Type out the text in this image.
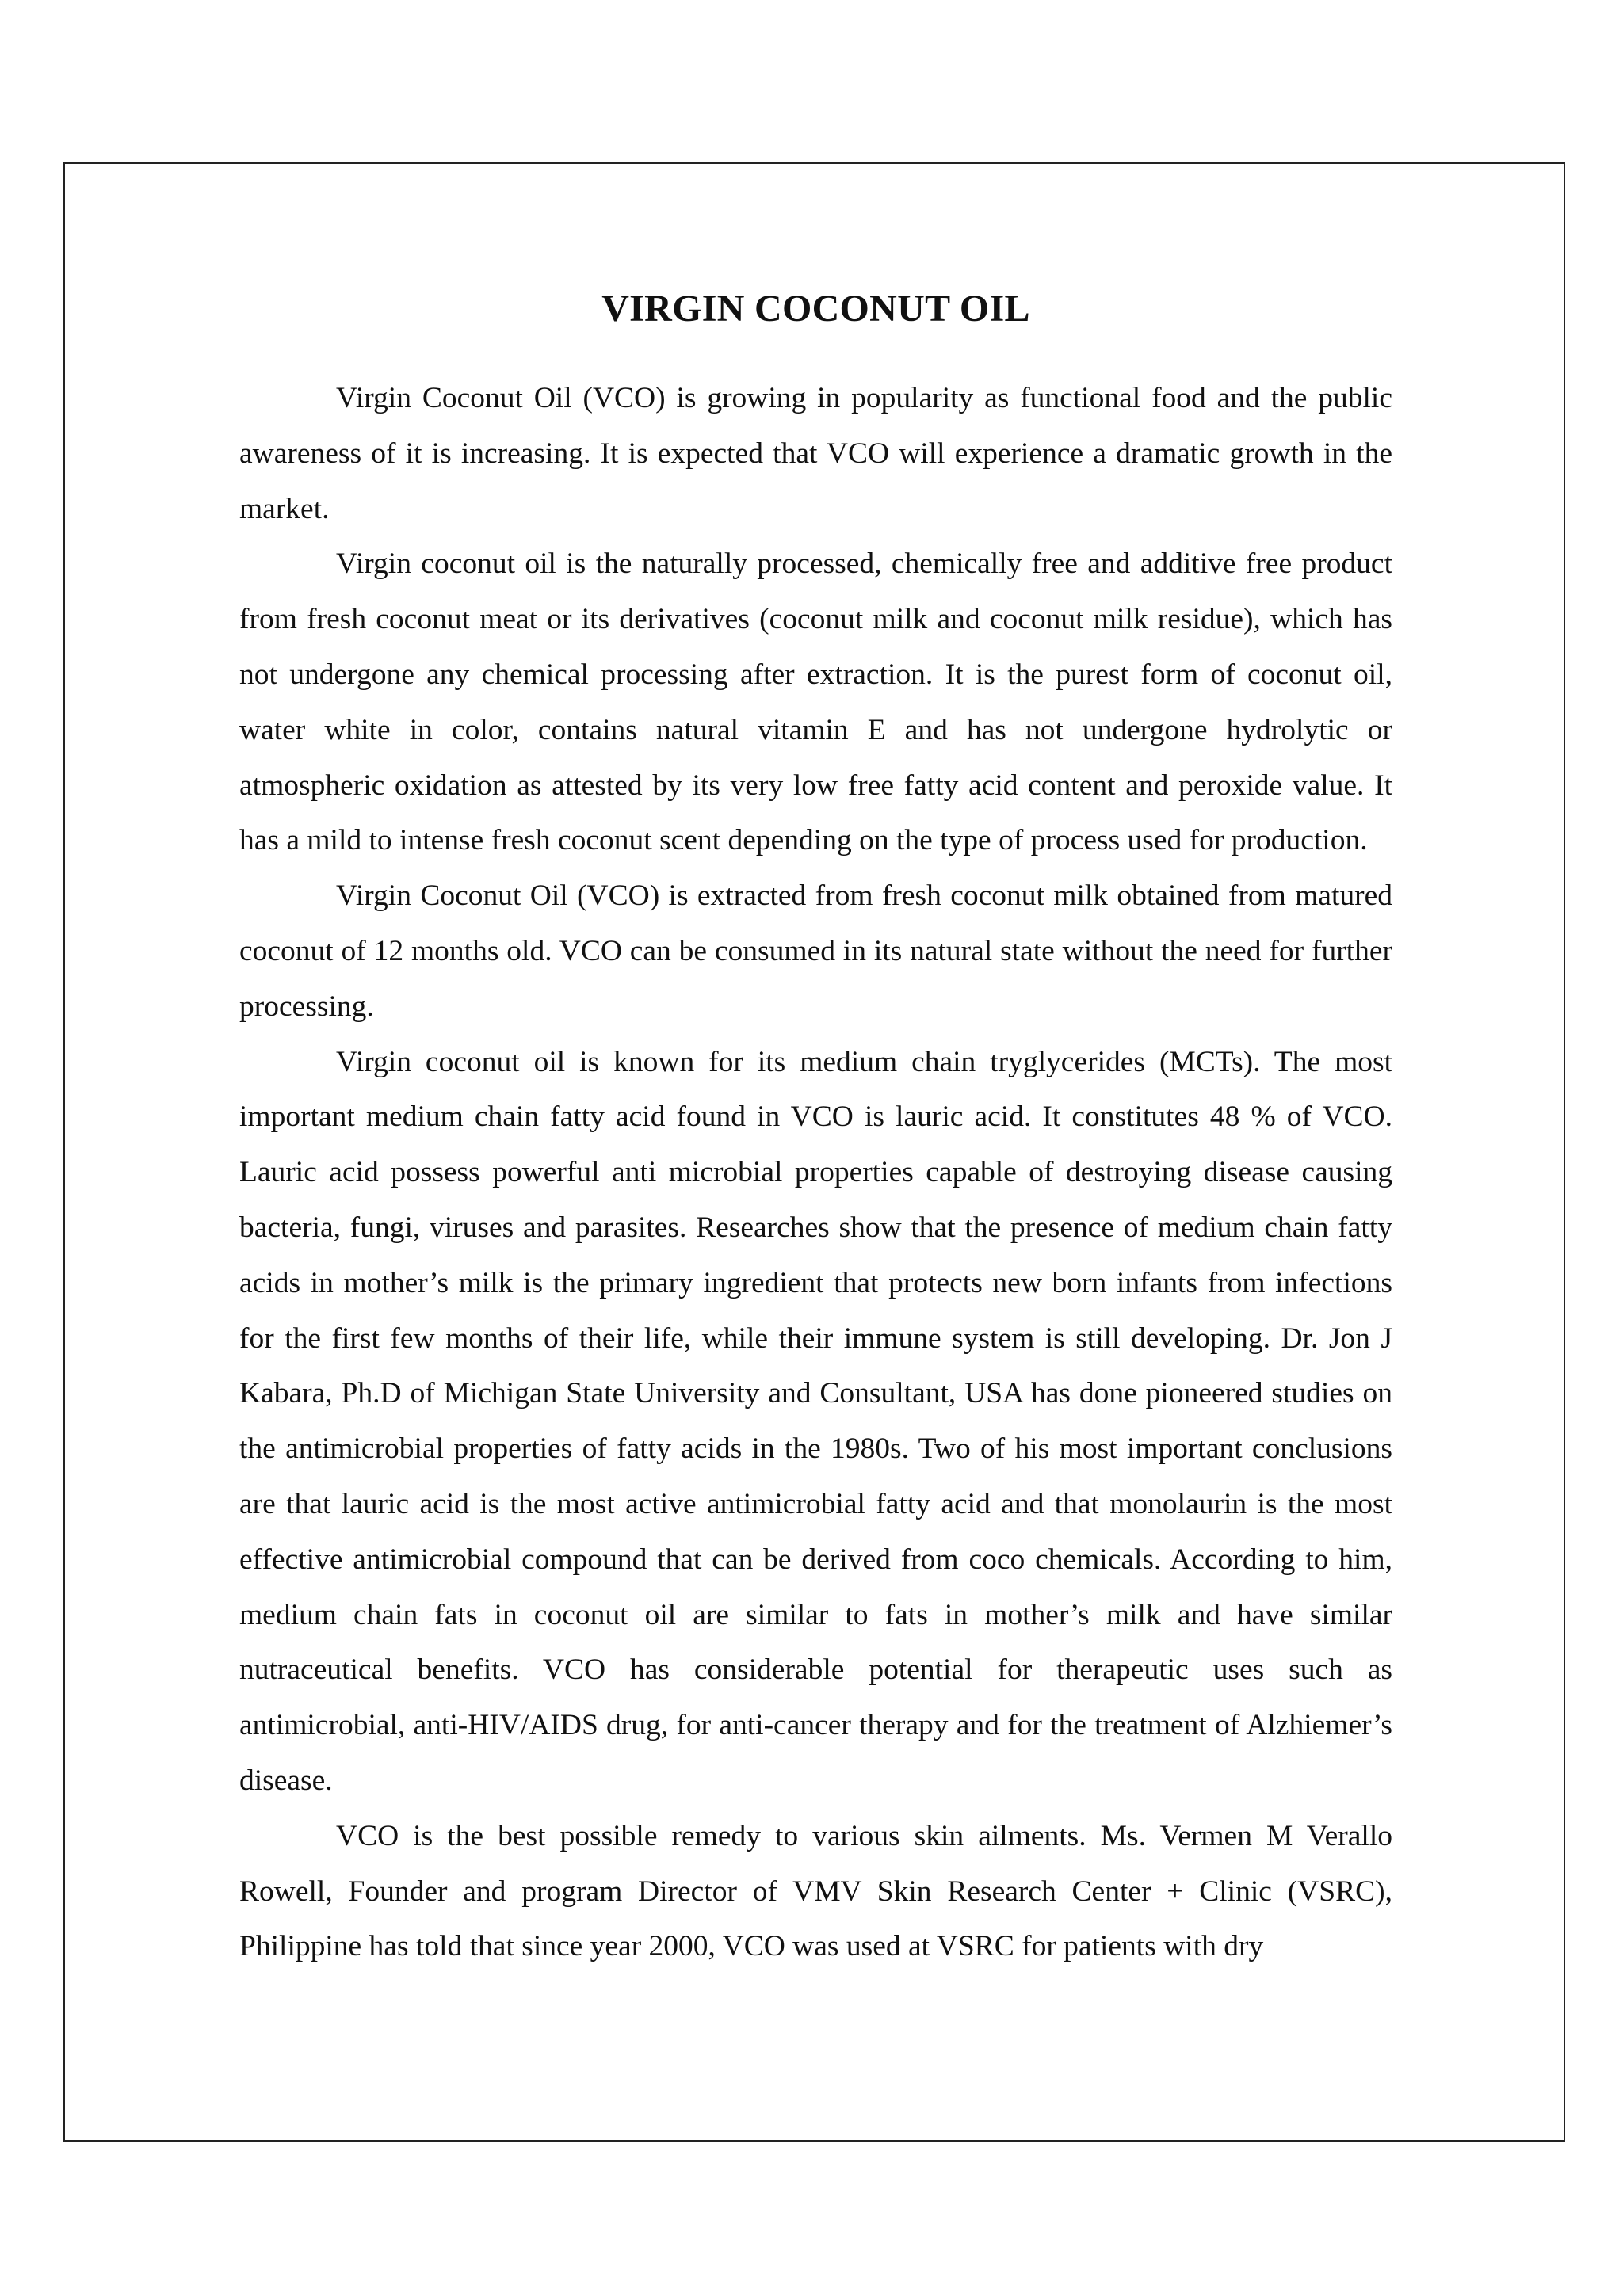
VIRGIN COCONUT OIL

Virgin Coconut Oil (VCO) is growing in popularity as functional food and the public awareness of it is increasing. It is expected that VCO will experience a dramatic growth in the market.

Virgin coconut oil is the naturally processed, chemically free and additive free product from fresh coconut meat or its derivatives (coconut milk and coconut milk residue), which has not undergone any chemical processing after extraction. It is the purest form of coconut oil, water white in color, contains natural vitamin E and has not undergone hydrolytic or atmospheric oxidation as attested by its very low free fatty acid content and peroxide value. It has a mild to intense fresh coconut scent depending on the type of process used for production.

Virgin Coconut Oil (VCO) is extracted from fresh coconut milk obtained from matured coconut of 12 months old. VCO can be consumed in its natural state without the need for further processing.

Virgin coconut oil is known for its medium chain tryglycerides (MCTs). The most important medium chain fatty acid found in VCO is lauric acid. It constitutes 48 % of VCO. Lauric acid possess powerful anti microbial properties capable of destroying disease causing bacteria, fungi, viruses and parasites. Researches show that the presence of medium chain fatty acids in mother’s milk is the primary ingredient that protects new born infants from infections for the first few months of their life, while their immune system is still developing. Dr. Jon J Kabara, Ph.D of Michigan State University and Consultant, USA has done pioneered studies on the antimicrobial properties of fatty acids in the 1980s. Two of his most important conclusions are that lauric acid is the most active antimicrobial fatty acid and that monolaurin is the most effective antimicrobial compound that can be derived from coco chemicals. According to him, medium chain fats in coconut oil are similar to fats in mother’s milk and have similar nutraceutical benefits. VCO has considerable potential for therapeutic uses such as antimicrobial, anti-HIV/AIDS drug, for anti-cancer therapy and for the treatment of Alzhiemer’s disease.

VCO is the best possible remedy to various skin ailments. Ms. Vermen M Verallo Rowell, Founder and program Director of VMV Skin Research Center + Clinic (VSRC), Philippine has told that since year 2000, VCO was used at VSRC for patients with dry
